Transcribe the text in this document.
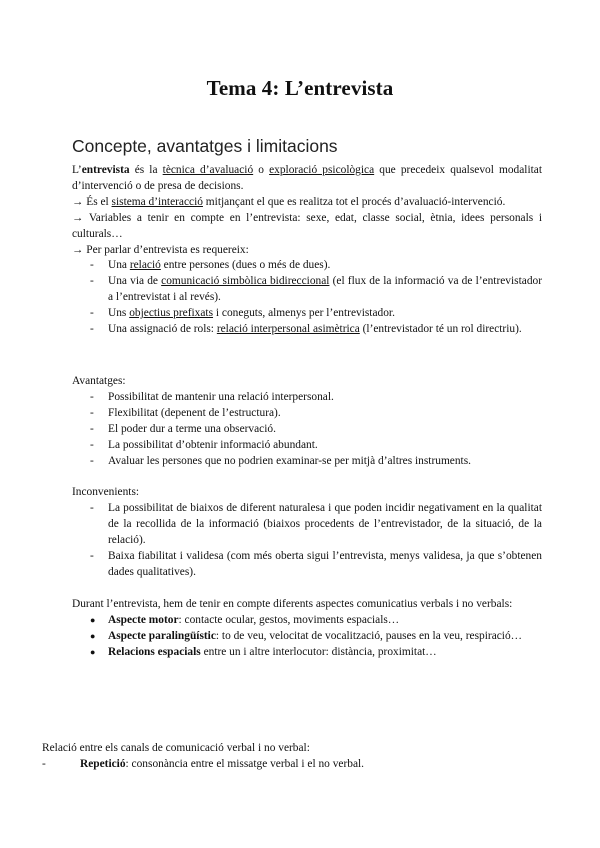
Tema 4: L’entrevista
Concepte, avantatges i limitacions

L’entrevista és la tècnica d’avaluació o exploració psicològica que precedeix qualsevol modalitat d’intervenció o de presa de decisions.

→ És el sistema d’interacció mitjançant el que es realitza tot el procés d’avaluació-intervenció.

→ Variables a tenir en compte en l’entrevista: sexe, edat, classe social, ètnia, idees personals i culturals…

→ Per parlar d’entrevista es requereix:

- Una relació entre persones (dues o més de dues).
- Una via de comunicació simbòlica bidireccional (el flux de la informació va de l’entrevistador a l’entrevistat i al revés).
- Uns objectius prefixats i coneguts, almenys per l’entrevistador.
- Una assignació de rols: relació interpersonal asimètrica (l’entrevistador té un rol directriu).

Avantatges:

- Possibilitat de mantenir una relació interpersonal.
- Flexibilitat (depenent de l’estructura).
- El poder dur a terme una observació.
- La possibilitat d’obtenir informació abundant.
- Avaluar les persones que no podrien examinar-se per mitjà d’altres instruments.

Inconvenients:

- La possibilitat de biaixos de diferent naturalesa i que poden incidir negativament en la qualitat de la recollida de la informació (biaixos procedents de l’entrevistador, de la situació, de la relació).
- Baixa fiabilitat i validesa (com més oberta sigui l’entrevista, menys validesa, ja que s’obtenen dades qualitatives).

Durant l’entrevista, hem de tenir en compte diferents aspectes comunicatius verbals i no verbals:

● Aspecte motor: contacte ocular, gestos, moviments espacials…
● Aspecte paralingüístic: to de veu, velocitat de vocalització, pauses en la veu, respiració…
● Relacions espacials entre un i altre interlocutor: distància, proximitat…

Relació entre els canals de comunicació verbal i no verbal:

- Repetició: consonància entre el missatge verbal i el no verbal.
